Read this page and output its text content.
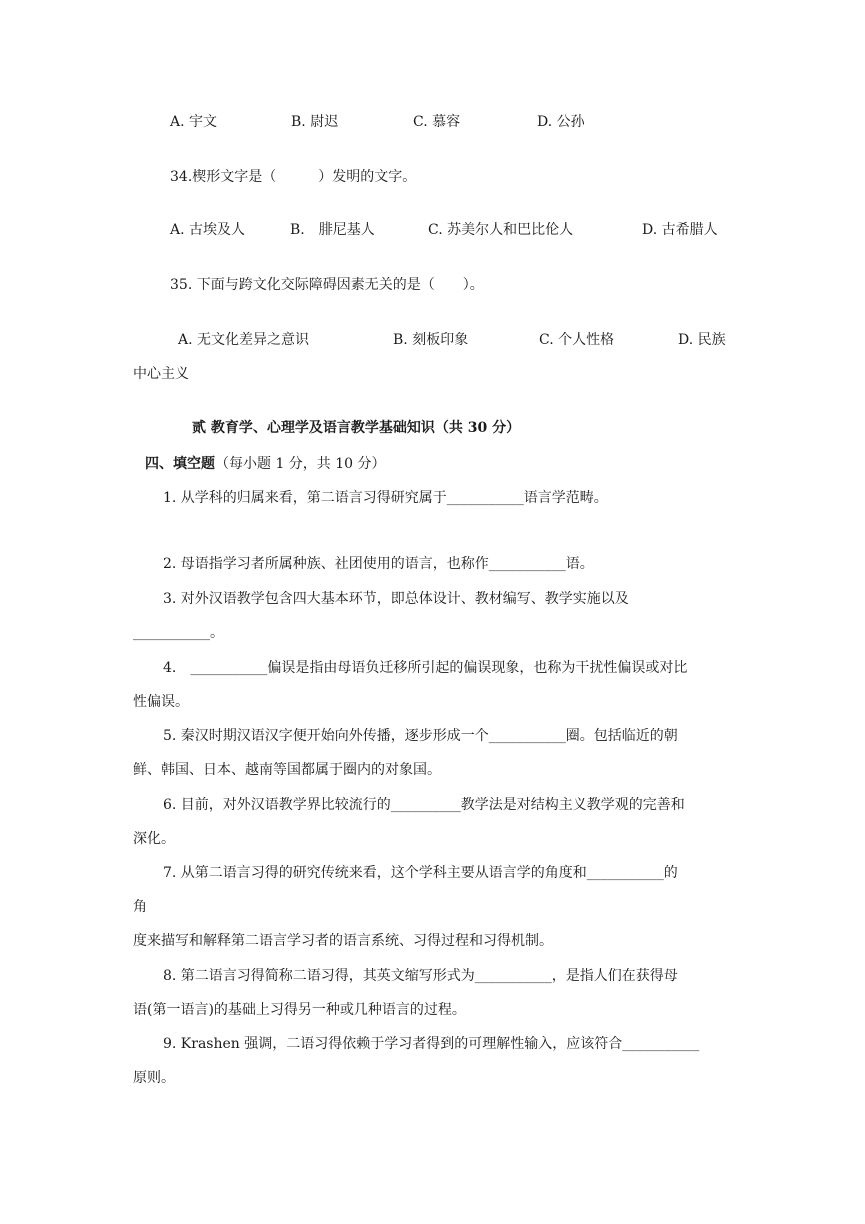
A. 宇文	B. 尉迟	C. 慕容	D. 公孙
34.楔形文字是（　　　）发明的文字。
A. 古埃及人	B.　腓尼基人	C. 苏美尔人和巴比伦人	D. 古希腊人
35. 下面与跨文化交际障碍因素无关的是（　　）。
A. 无文化差异之意识	B. 刻板印象	C. 个人性格	D. 民族
中心主义
贰 教育学、心理学及语言教学基础知识（共 30 分）
四、填空题（每小题 1 分，共 10 分）
1. 从学科的归属来看，第二语言习得研究属于___________语言学范畴。
2. 母语指学习者所属种族、社团使用的语言，也称作___________语。
3. 对外汉语教学包含四大基本环节，即总体设计、教材编写、教学实施以及
___________。
4.　___________偏误是指由母语负迁移所引起的偏误现象，也称为干扰性偏误或对比
性偏误。
5. 秦汉时期汉语汉字便开始向外传播，逐步形成一个___________圈。包括临近的朝
鲜、韩国、日本、越南等国都属于圈内的对象国。
6. 目前，对外汉语教学界比较流行的__________教学法是对结构主义教学观的完善和
深化。
7. 从第二语言习得的研究传统来看，这个学科主要从语言学的角度和___________的
角
度来描写和解释第二语言学习者的语言系统、习得过程和习得机制。
8. 第二语言习得简称二语习得，其英文缩写形式为___________，是指人们在获得母
语(第一语言)的基础上习得另一种或几种语言的过程。
9. Krashen 强调，二语习得依赖于学习者得到的可理解性输入，应该符合___________
原则。
